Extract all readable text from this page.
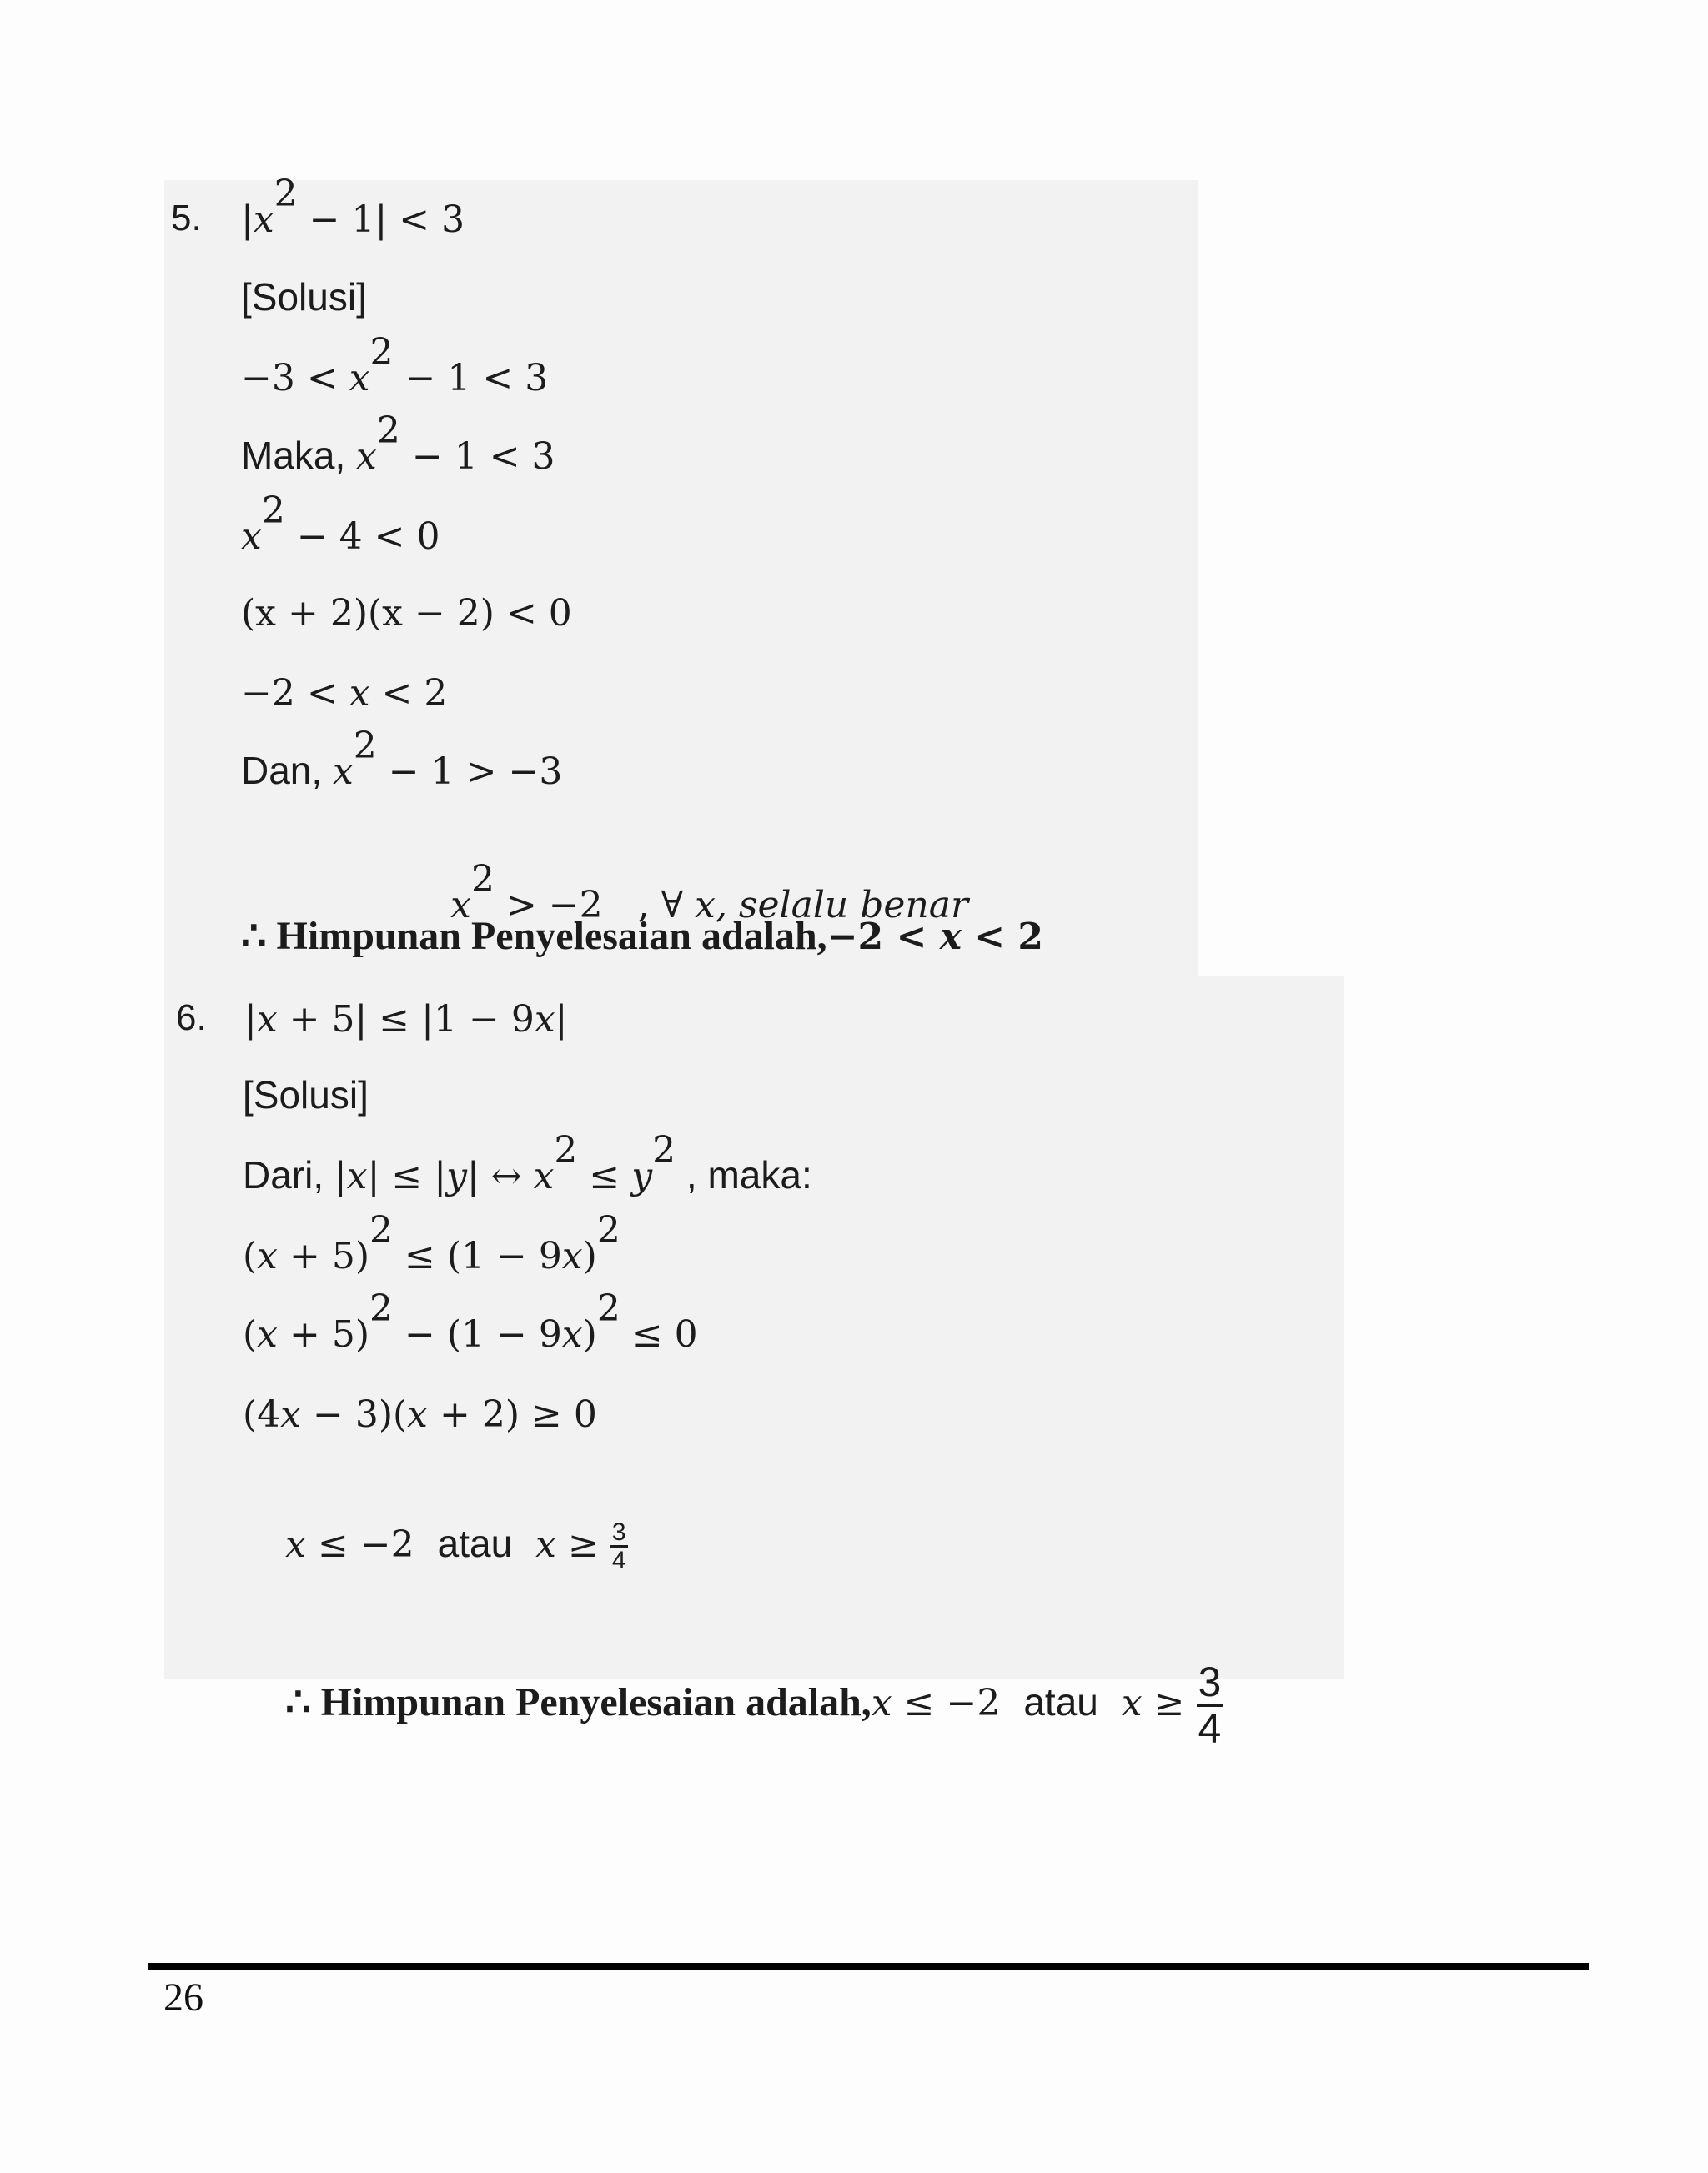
5. $|x^2 - 1| < 3$
[Solusi]
$-3 < x^2 - 1 < 3$
Maka, $x^2 - 1 < 3$
$x^2 - 4 < 0$
(x + 2)(x − 2) < 0
−2 < x < 2
Dan, $x^2 - 1 > -3$

$x^2 > -2$   , ∀ x, selalu benar

∴ Himpunan Penyelesaian adalah,−2 < x < 2
6. |x + 5| ≤ |1 − 9x|
[Solusi]
Dari, |x| ≤ |y| ↔ $x^2 \le y^2$ , maka:
$(x + 5)^2 \le (1 - 9x)^2$
$(x + 5)^2 - (1 - 9x)^2 \le 0$
(4x − 3)(x + 2) ≥ 0

x ≤ −2  atau  $x \ge \frac{3}{4}$

∴ Himpunan Penyelesaian adalah,x ≤ −2  atau  $x \ge \frac{3}{4}$

26
